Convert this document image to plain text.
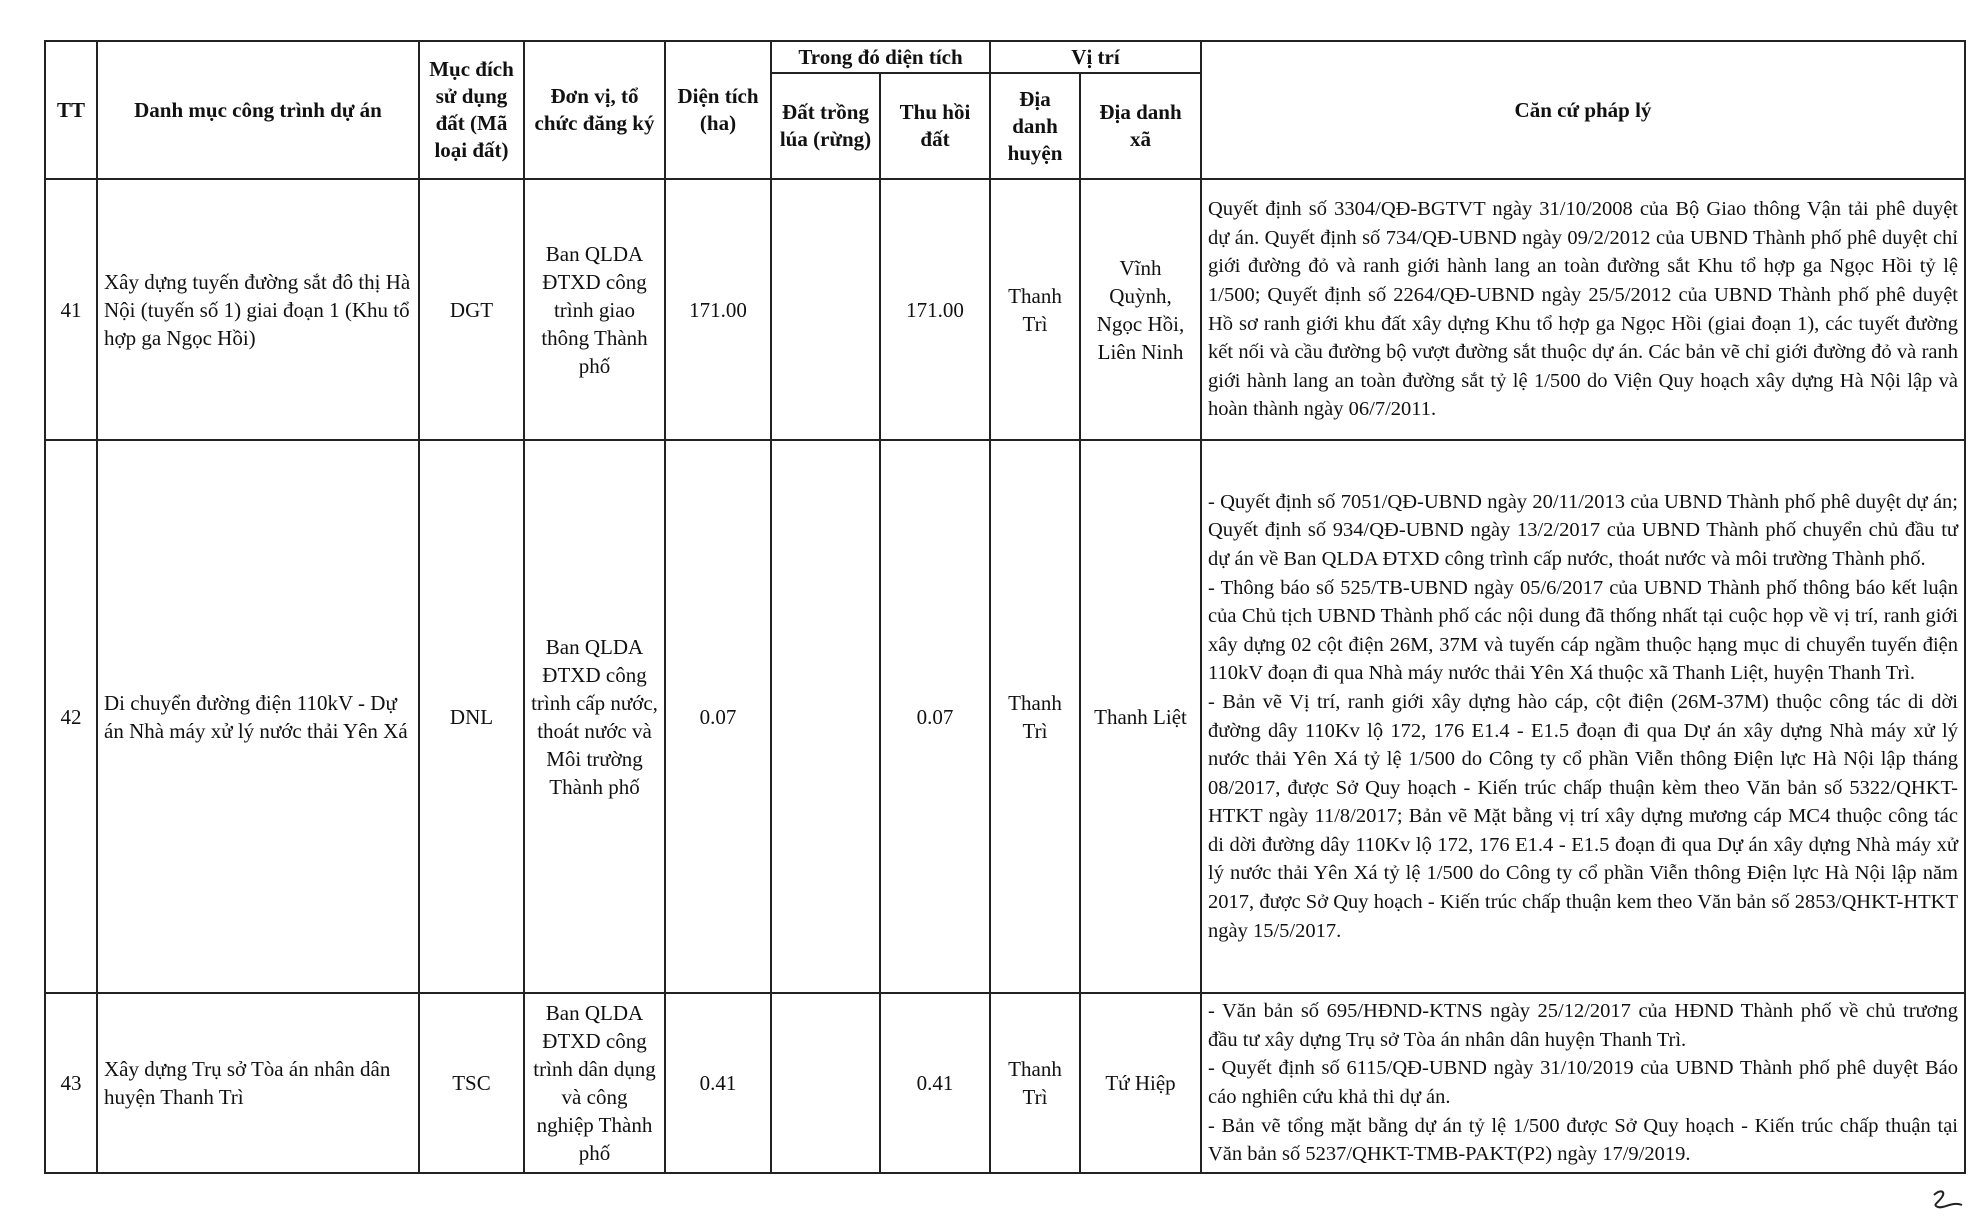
TT	Danh mục công trình dự án	Mục đích sử dụng đất (Mã loại đất)	Đơn vị, tổ chức đăng ký	Diện tích (ha)	Trong đó diện tích		Vị trí		Căn cứ pháp lý
					Đất trồng lúa (rừng)	Thu hồi đất	Địa danh huyện	Địa danh xã	
41	Xây dựng tuyến đường sắt đô thị Hà Nội (tuyến số 1) giai đoạn 1 (Khu tổ hợp ga Ngọc Hồi)	DGT	Ban QLDA ĐTXD công trình giao thông Thành phố	171.00		171.00	Thanh Trì	Vĩnh Quỳnh, Ngọc Hồi, Liên Ninh	Quyết định số 3304/QĐ-BGTVT ngày 31/10/2008 của Bộ Giao thông Vận tải phê duyệt dự án. Quyết định số 734/QĐ-UBND ngày 09/2/2012 của UBND Thành phố phê duyệt chỉ giới đường đỏ và ranh giới hành lang an toàn đường sắt Khu tổ hợp ga Ngọc Hồi tỷ lệ 1/500; Quyết định số 2264/QĐ-UBND ngày 25/5/2012 của UBND Thành phố phê duyệt Hồ sơ ranh giới khu đất xây dựng Khu tổ hợp ga Ngọc Hồi (giai đoạn 1), các tuyết đường kết nối và cầu đường bộ vượt đường sắt thuộc dự án. Các bản vẽ chỉ giới đường đỏ và ranh giới hành lang an toàn đường sắt tỷ lệ 1/500 do Viện Quy hoạch xây dựng Hà Nội lập và hoàn thành ngày 06/7/2011.

42	Di chuyển đường điện 110kV - Dự án Nhà máy xử lý nước thải Yên Xá	DNL	Ban QLDA ĐTXD công trình cấp nước, thoát nước và Môi trường Thành phố	0.07		0.07	Thanh Trì	Thanh Liệt	- Quyết định số 7051/QĐ-UBND ngày 20/11/2013 của UBND Thành phố phê duyệt dự án; Quyết định số 934/QĐ-UBND ngày 13/2/2017 của UBND Thành phố chuyển chủ đầu tư dự án về Ban QLDA ĐTXD công trình cấp nước, thoát nước và môi trường Thành phố.
- Thông báo số 525/TB-UBND ngày 05/6/2017 của UBND Thành phố thông báo kết luận của Chủ tịch UBND Thành phố các nội dung đã thống nhất tại cuộc họp về vị trí, ranh giới xây dựng 02 cột điện 26M, 37M và tuyến cáp ngầm thuộc hạng mục di chuyển tuyến điện 110kV đoạn đi qua Nhà máy nước thải Yên Xá thuộc xã Thanh Liệt, huyện Thanh Trì.
- Bản vẽ Vị trí, ranh giới xây dựng hào cáp, cột điện (26M-37M) thuộc công tác di dời đường dây 110Kv lộ 172, 176 E1.4 - E1.5 đoạn đi qua Dự án xây dựng Nhà máy xử lý nước thải Yên Xá tỷ lệ 1/500 do Công ty cổ phần Viễn thông Điện lực Hà Nội lập tháng 08/2017, được Sở Quy hoạch - Kiến trúc chấp thuận kèm theo Văn bản số 5322/QHKT-HTKT ngày 11/8/2017; Bản vẽ Mặt bằng vị trí xây dựng mương cáp MC4 thuộc công tác di dời đường dây 110Kv lộ 172, 176 E1.4 - E1.5 đoạn đi qua Dự án xây dựng Nhà máy xử lý nước thải Yên Xá tỷ lệ 1/500 do Công ty cổ phần Viễn thông Điện lực Hà Nội lập năm 2017, được Sở Quy hoạch - Kiến trúc chấp thuận kem theo Văn bản số 2853/QHKT-HTKT ngày 15/5/2017.

43	Xây dựng Trụ sở Tòa án nhân dân huyện Thanh Trì	TSC	Ban QLDA ĐTXD công trình dân dụng và công nghiệp Thành phố	0.41		0.41	Thanh Trì	Tứ Hiệp	- Văn bản số 695/HĐND-KTNS ngày 25/12/2017 của HĐND Thành phố về chủ trương đầu tư xây dựng Trụ sở Tòa án nhân dân huyện Thanh Trì.
- Quyết định số 6115/QĐ-UBND ngày 31/10/2019 của UBND Thành phố phê duyệt Báo cáo nghiên cứu khả thi dự án.
- Bản vẽ tổng mặt bằng dự án tỷ lệ 1/500 được Sở Quy hoạch - Kiến trúc chấp thuận tại Văn bản số 5237/QHKT-TMB-PAKT(P2) ngày 17/9/2019.
